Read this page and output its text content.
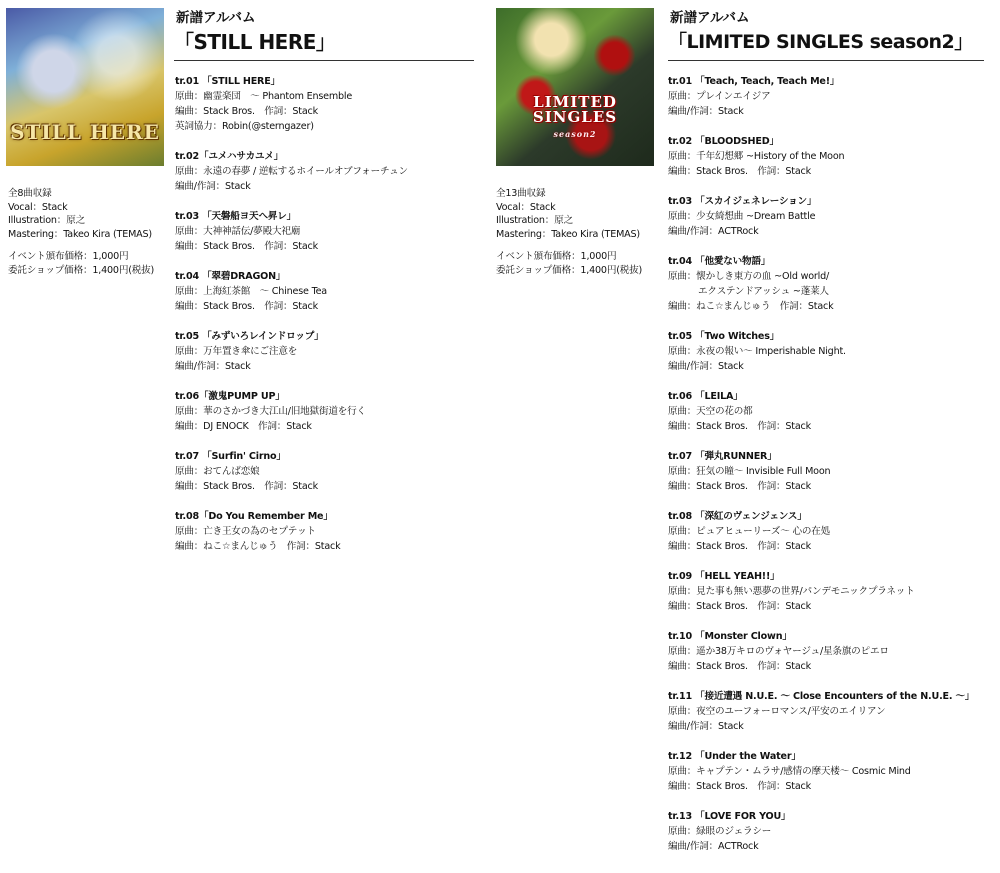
STILL HERE
全8曲収録
Vocal：Stack
Illustration：原之
Mastering：Takeo Kira (TEMAS)
イベント頒布価格：1,000円
委託ショップ価格：1,400円(税抜)
新譜アルバム
「STILL HERE」
tr.01 「STILL HERE」
原曲：幽霊楽団　～ Phantom Ensemble
編曲：Stack Bros.　作詞：Stack
英詞協力：Robin(@sterngazer)
tr.02「ユメハサカユメ」
原曲：永遠の春夢 / 逆転するホイールオブフォーチュン
編曲/作詞：Stack
tr.03 「天磐船ヨ天へ昇レ」
原曲：大神神話伝/夢殿大祀廟
編曲：Stack Bros.　作詞：Stack
tr.04 「翠碧DRAGON」
原曲：上海紅茶館　～ Chinese Tea
編曲：Stack Bros.　作詞：Stack
tr.05 「みずいろレインドロップ」
原曲：万年置き傘にご注意を
編曲/作詞：Stack
tr.06「激鬼PUMP UP」
原曲：華のさかづき大江山/旧地獄街道を行く
編曲：DJ ENOCK　作詞：Stack
tr.07 「Surfin' Cirno」
原曲：おてんば恋娘
編曲：Stack Bros.　作詞：Stack
tr.08「Do You Remember Me」
原曲：亡き王女の為のセプテット
編曲：ねこ☆まんじゅう　作詞：Stack
LIMITED SINGLES
season2
全13曲収録
Vocal：Stack
Illustration：原之
Mastering：Takeo Kira (TEMAS)
イベント頒布価格：1,000円
委託ショップ価格：1,400円(税抜)
新譜アルバム
「LIMITED SINGLES season2」
tr.01 「Teach, Teach, Teach Me!」
原曲：プレインエイジア
編曲/作詞：Stack
tr.02 「BLOODSHED」
原曲：千年幻想郷 ~History of the Moon
編曲：Stack Bros.　作詞：Stack
tr.03 「スカイジェネレーション」
原曲：少女綺想曲 ~Dream Battle
編曲/作詞：ACTRock
tr.04 「他愛ない物語」
原曲：懐かしき東方の血 ~Old world/
エクステンドアッシュ ~蓬莱人
編曲：ねこ☆まんじゅう　作詞：Stack
tr.05 「Two Witches」
原曲：永夜の報い～ Imperishable Night.
編曲/作詞：Stack
tr.06 「LEILA」
原曲：天空の花の都
編曲：Stack Bros.　作詞：Stack
tr.07 「弾丸RUNNER」
原曲：狂気の瞳～ Invisible Full Moon
編曲：Stack Bros.　作詞：Stack
tr.08 「深紅のヴェンジェンス」
原曲：ピュアヒューリーズ～ 心の在処
編曲：Stack Bros.　作詞：Stack
tr.09 「HELL YEAH!!」
原曲：見た事も無い悪夢の世界/パンデモニックプラネット
編曲：Stack Bros.　作詞：Stack
tr.10 「Monster Clown」
原曲：遥か38万キロのヴォヤージュ/星条旗のピエロ
編曲：Stack Bros.　作詞：Stack
tr.11 「接近遭遇 N.U.E. ～ Close Encounters of the N.U.E. ～」
原曲：夜空のユーフォーロマンス/平安のエイリアン
編曲/作詞：Stack
tr.12 「Under the Water」
原曲：キャプテン・ムラサ/感情の摩天楼～ Cosmic Mind
編曲：Stack Bros.　作詞：Stack
tr.13 「LOVE FOR YOU」
原曲：緑眼のジェラシー
編曲/作詞：ACTRock
